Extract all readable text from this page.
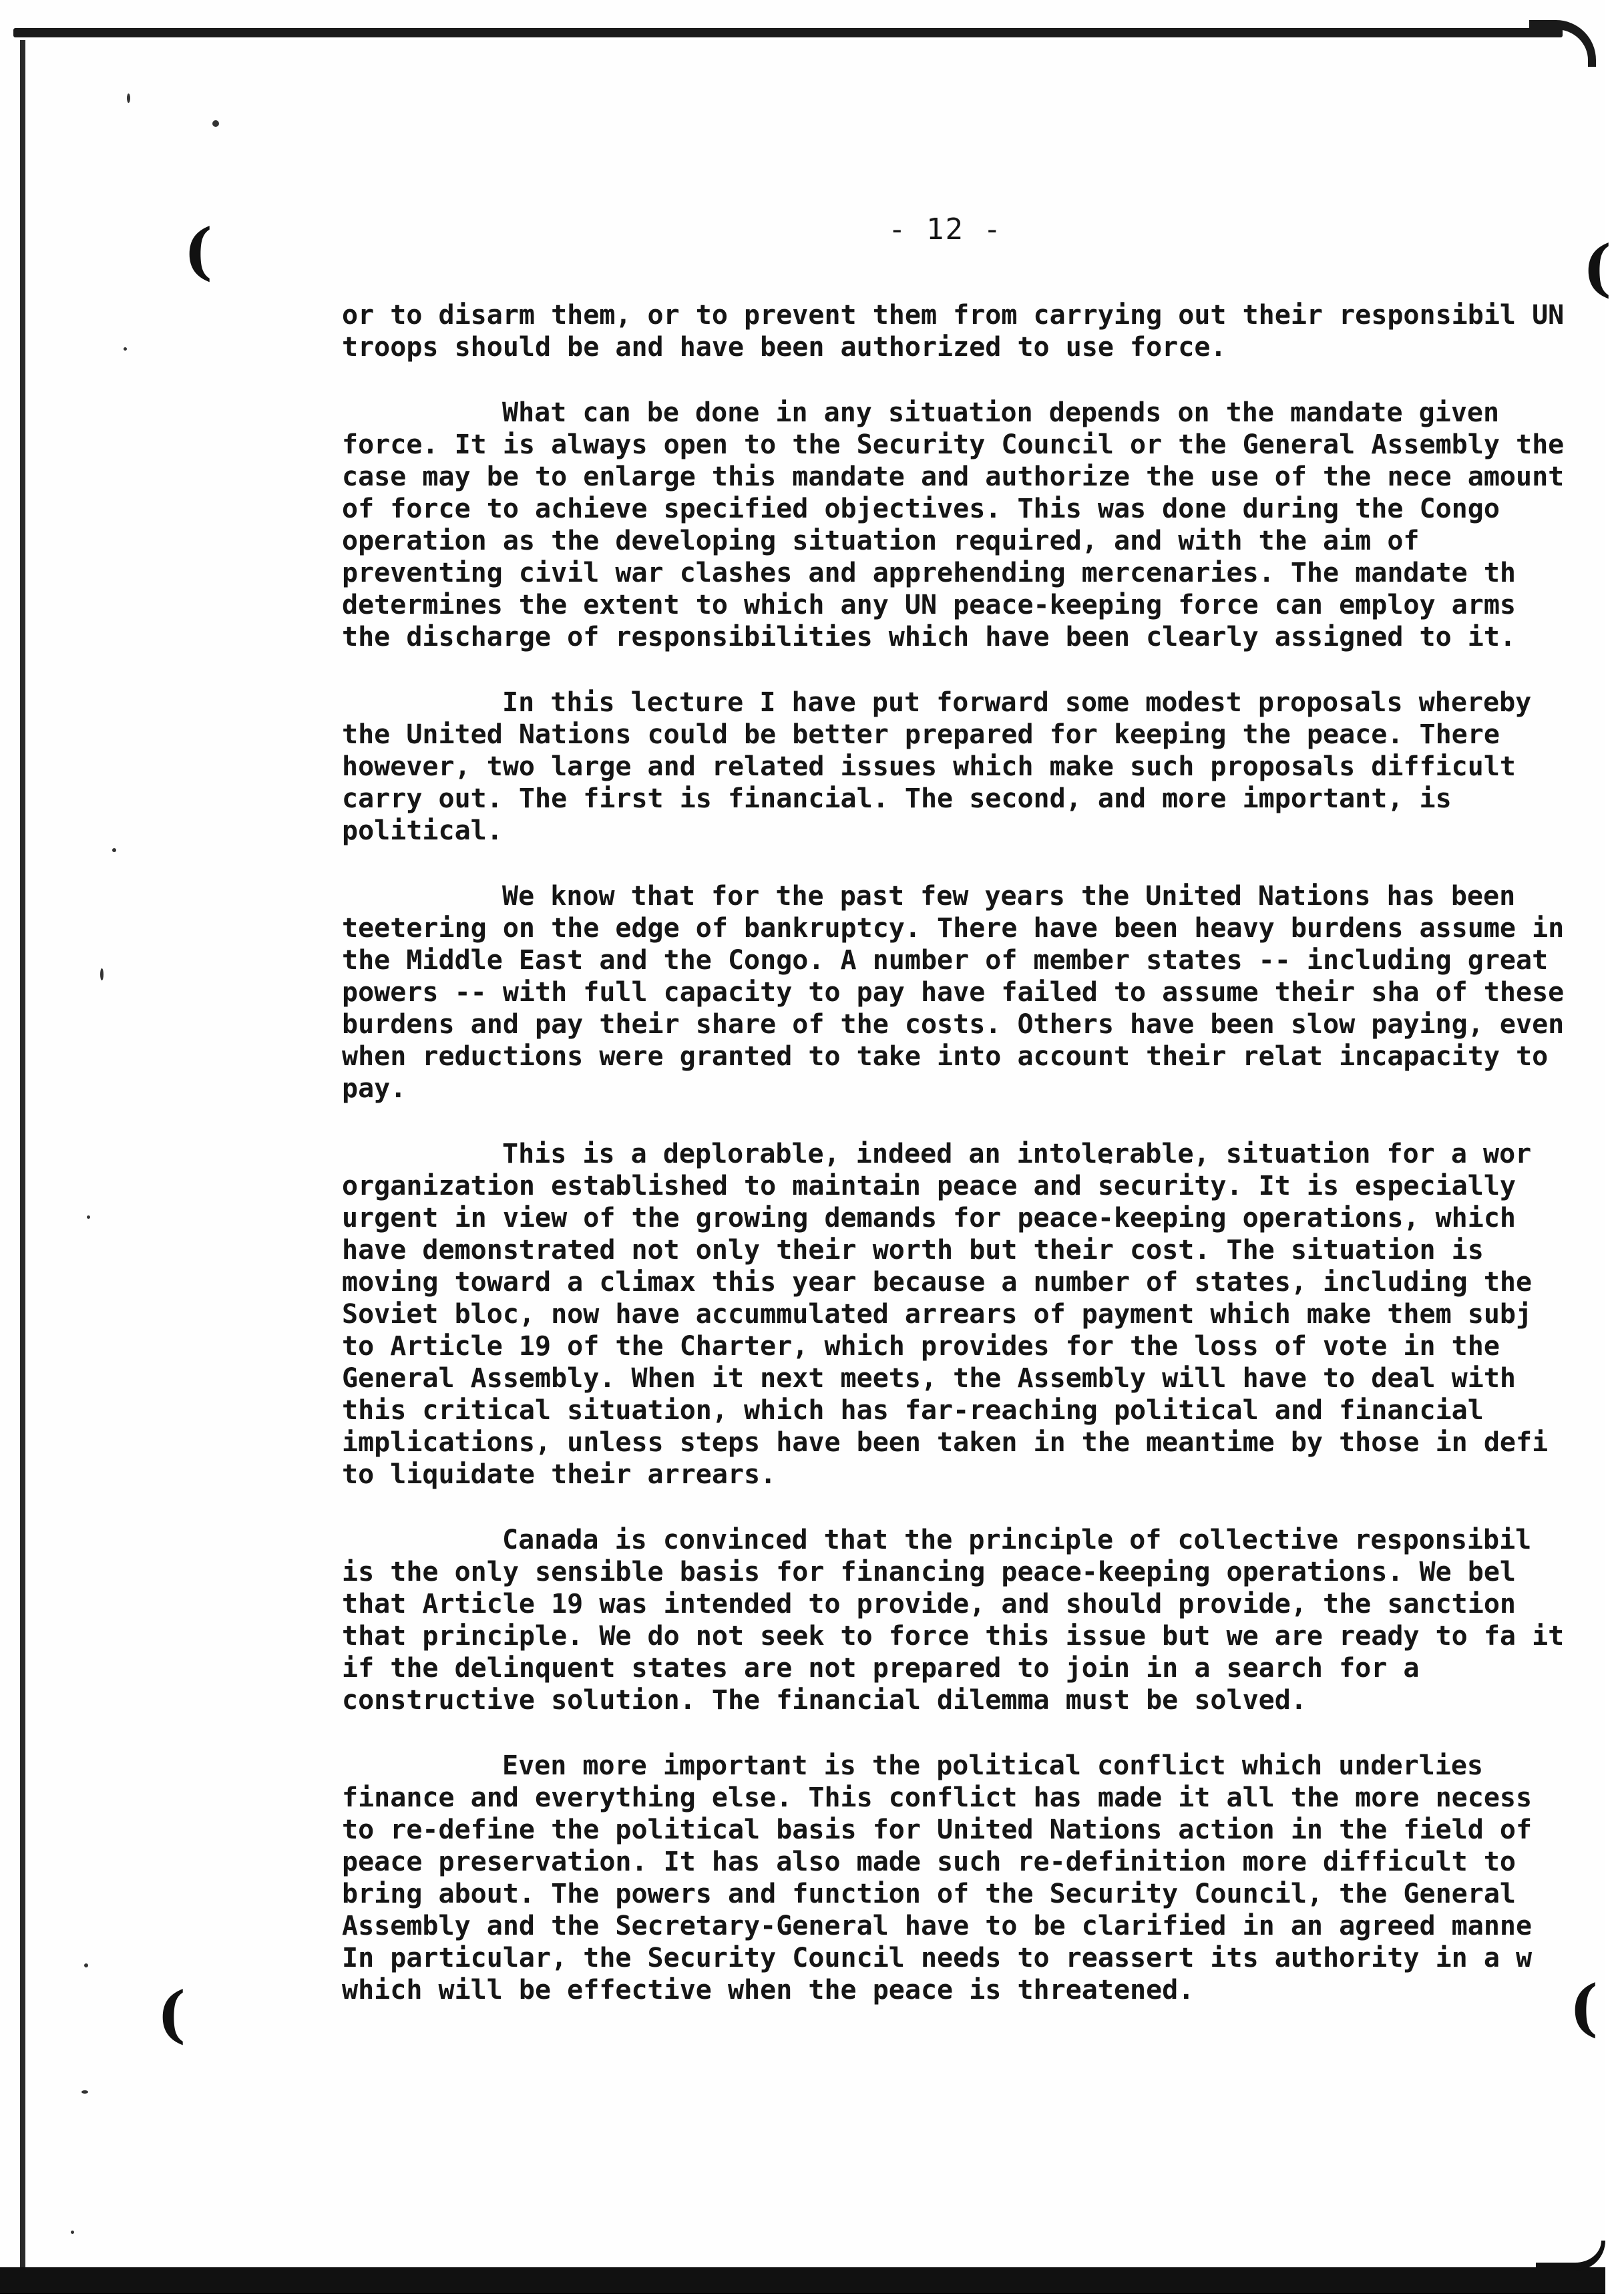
(	(
(	(

- 12 -

or to disarm them, or to prevent them from carrying out their responsibil UN troops should be and have been authorized to use force.

What can be done in any situation depends on the mandate given force. It is always open to the Security Council or the General Assembly the case may be to enlarge this mandate and authorize the use of the nece amount of force to achieve specified objectives. This was done during the Congo operation as the developing situation required, and with the aim of preventing civil war clashes and apprehending mercenaries. The mandate th determines the extent to which any UN peace-keeping force can employ arms the discharge of responsibilities which have been clearly assigned to it.

In this lecture I have put forward some modest proposals whereby the United Nations could be better prepared for keeping the peace. There however, two large and related issues which make such proposals difficult carry out. The first is financial. The second, and more important, is political.

We know that for the past few years the United Nations has been teetering on the edge of bankruptcy. There have been heavy burdens assume in the Middle East and the Congo. A number of member states -- including great powers -- with full capacity to pay have failed to assume their sha of these burdens and pay their share of the costs. Others have been slow paying, even when reductions were granted to take into account their relat incapacity to pay.

This is a deplorable, indeed an intolerable, situation for a wor organization established to maintain peace and security. It is especially urgent in view of the growing demands for peace-keeping operations, which have demonstrated not only their worth but their cost. The situation is moving toward a climax this year because a number of states, including the Soviet bloc, now have accummulated arrears of payment which make them subj to Article 19 of the Charter, which provides for the loss of vote in the General Assembly. When it next meets, the Assembly will have to deal with this critical situation, which has far-reaching political and financial implications, unless steps have been taken in the meantime by those in defi to liquidate their arrears.

Canada is convinced that the principle of collective responsibil is the only sensible basis for financing peace-keeping operations. We bel that Article 19 was intended to provide, and should provide, the sanction that principle. We do not seek to force this issue but we are ready to fa it if the delinquent states are not prepared to join in a search for a constructive solution. The financial dilemma must be solved.

Even more important is the political conflict which underlies finance and everything else. This conflict has made it all the more necess to re-define the political basis for United Nations action in the field of peace preservation. It has also made such re-definition more difficult to bring about. The powers and function of the Security Council, the General Assembly and the Secretary-General have to be clarified in an agreed manne In particular, the Security Council needs to reassert its authority in a w which will be effective when the peace is threatened.
